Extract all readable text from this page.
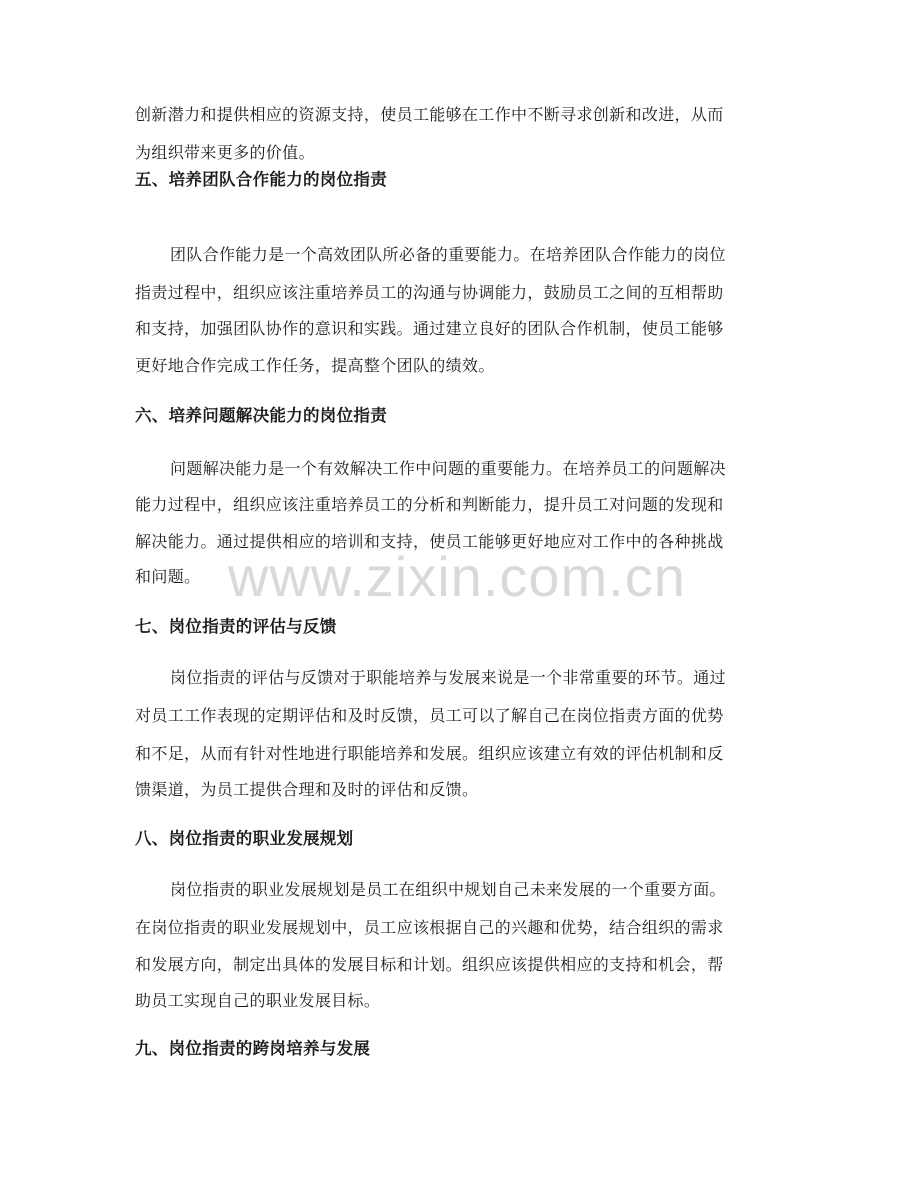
创新潜力和提供相应的资源支持，使员工能够在工作中不断寻求创新和改进，从而
为组织带来更多的价值。
五、培养团队合作能力的岗位指责
团队合作能力是一个高效团队所必备的重要能力。在培养团队合作能力的岗位
指责过程中，组织应该注重培养员工的沟通与协调能力，鼓励员工之间的互相帮助
和支持，加强团队协作的意识和实践。通过建立良好的团队合作机制，使员工能够
更好地合作完成工作任务，提高整个团队的绩效。
六、培养问题解决能力的岗位指责
问题解决能力是一个有效解决工作中问题的重要能力。在培养员工的问题解决
能力过程中，组织应该注重培养员工的分析和判断能力，提升员工对问题的发现和
解决能力。通过提供相应的培训和支持，使员工能够更好地应对工作中的各种挑战
和问题。
七、岗位指责的评估与反馈
岗位指责的评估与反馈对于职能培养与发展来说是一个非常重要的环节。通过
对员工工作表现的定期评估和及时反馈，员工可以了解自己在岗位指责方面的优势
和不足，从而有针对性地进行职能培养和发展。组织应该建立有效的评估机制和反
馈渠道，为员工提供合理和及时的评估和反馈。
八、岗位指责的职业发展规划
岗位指责的职业发展规划是员工在组织中规划自己未来发展的一个重要方面。
在岗位指责的职业发展规划中，员工应该根据自己的兴趣和优势，结合组织的需求
和发展方向，制定出具体的发展目标和计划。组织应该提供相应的支持和机会，帮
助员工实现自己的职业发展目标。
九、岗位指责的跨岗培养与发展
www.zixin.com.cn
